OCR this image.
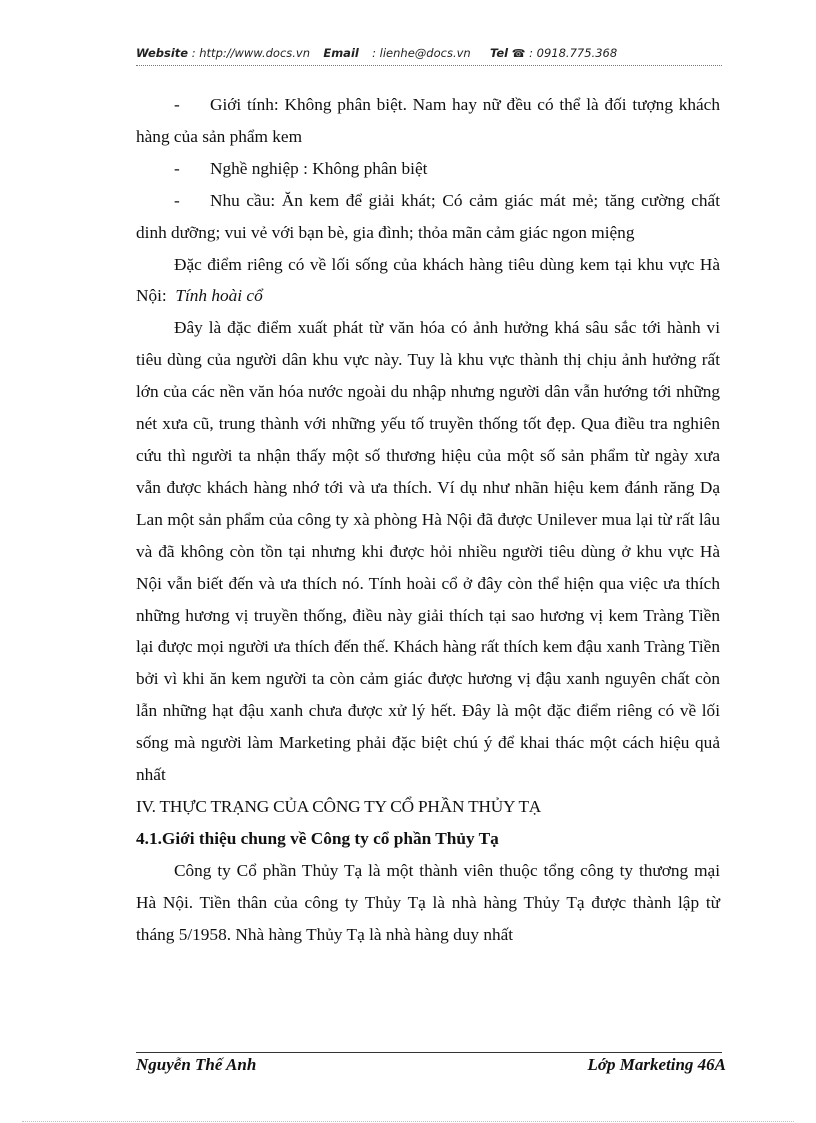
Website : http://www.docs.vn Email : lienhe@docs.vn Tel ☎ : 0918.775.368

- Giới tính: Không phân biệt. Nam hay nữ đều có thể là đối tượng khách hàng của sản phẩm kem

- Nghề nghiệp : Không phân biệt

- Nhu cầu: Ăn kem để giải khát; Có cảm giác mát mẻ; tăng cường chất dinh dưỡng; vui vẻ với bạn bè, gia đình; thỏa mãn cảm giác ngon miệng

Đặc điểm riêng có về lối sống của khách hàng tiêu dùng kem tại khu vực Hà Nội: Tính hoài cổ

Đây là đặc điểm xuất phát từ văn hóa có ảnh hưởng khá sâu sắc tới hành vi tiêu dùng của người dân khu vực này. Tuy là khu vực thành thị chịu ảnh hưởng rất lớn của các nền văn hóa nước ngoài du nhập nhưng người dân vẫn hướng tới những nét xưa cũ, trung thành với những yếu tố truyền thống tốt đẹp. Qua điều tra nghiên cứu thì người ta nhận thấy một số thương hiệu của một số sản phẩm từ ngày xưa vẫn được khách hàng nhớ tới và ưa thích. Ví dụ như nhãn hiệu kem đánh răng Dạ Lan một sản phẩm của công ty xà phòng Hà Nội đã được Unilever mua lại từ rất lâu và đã không còn tồn tại nhưng khi được hỏi nhiều người tiêu dùng ở khu vực Hà Nội vẫn biết đến và ưa thích nó. Tính hoài cổ ở đây còn thể hiện qua việc ưa thích những hương vị truyền thống, điều này giải thích tại sao hương vị kem Tràng Tiền lại được mọi người ưa thích đến thế. Khách hàng rất thích kem đậu xanh Tràng Tiền bởi vì khi ăn kem người ta còn cảm giác được hương vị đậu xanh nguyên chất còn lẫn những hạt đậu xanh chưa được xử lý hết. Đây là một đặc điểm riêng có về lối sống mà người làm Marketing phải đặc biệt chú ý để khai thác một cách hiệu quả nhất

IV. THỰC TRẠNG CỦA CÔNG TY CỔ PHẦN THỦY TẠ

4.1.Giới thiệu chung về Công ty cổ phần Thủy Tạ

Công ty Cổ phần Thủy Tạ là một thành viên thuộc tổng công ty thương mại Hà Nội. Tiền thân của công ty Thủy Tạ là nhà hàng Thủy Tạ được thành lập từ tháng 5/1958. Nhà hàng Thủy Tạ là nhà hàng duy nhất

Nguyễn Thế Anh	Lớp Marketing 46A
